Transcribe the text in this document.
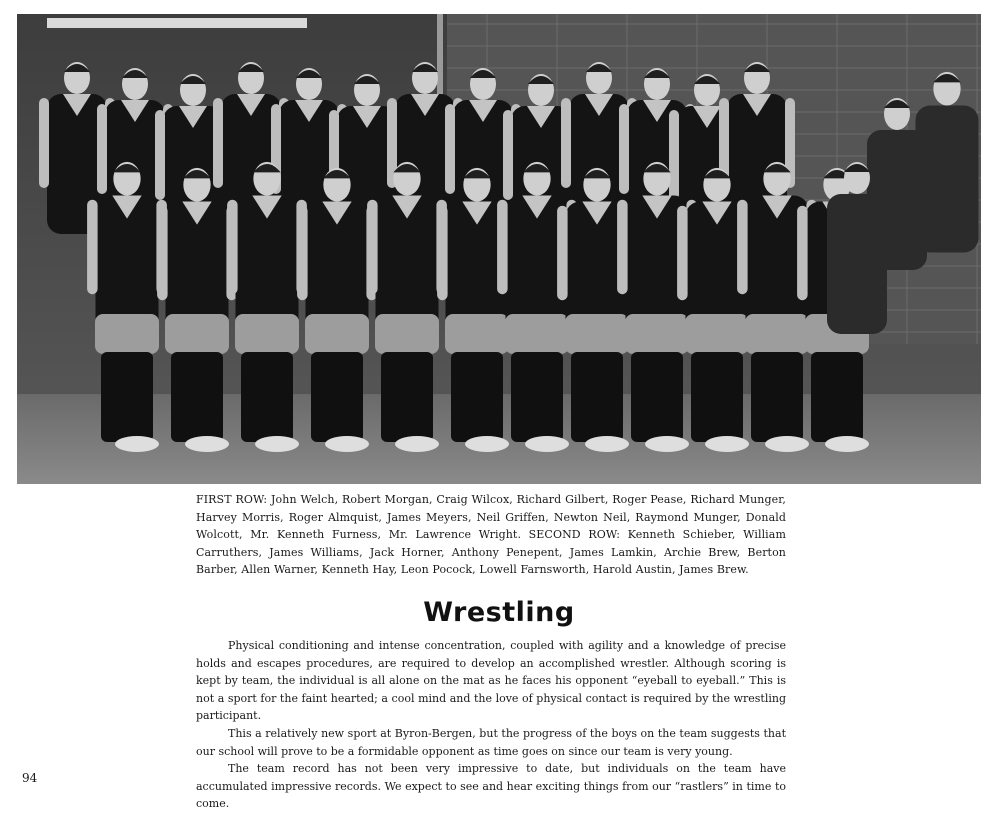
FIRST ROW: John Welch, Robert Morgan, Craig Wilcox, Richard Gilbert, Roger Pease, Richard Munger, Harvey Morris, Roger Almquist, James Meyers, Neil Griffen, Newton Neil, Raymond Munger, Donald Wolcott, Mr. Kenneth Furness, Mr. Lawrence Wright. SECOND ROW: Kenneth Schieber, William Carruthers, James Williams, Jack Horner, Anthony Penepent, James Lamkin, Archie Brew, Berton Barber, Allen Warner, Kenneth Hay, Leon Pocock, Lowell Farnsworth, Harold Austin, James Brew.
Wrestling

Physical conditioning and intense concentration, coupled with agility and a knowledge of precise holds and escapes procedures, are required to develop an accomplished wrestler. Although scoring is kept by team, the individual is all alone on the mat as he faces his opponent “eyeball to eyeball.” This is not a sport for the faint hearted; a cool mind and the love of physical contact is required by the wrestling participant.

This a relatively new sport at Byron-Bergen, but the progress of the boys on the team suggests that our school will prove to be a formidable opponent as time goes on since our team is very young.

The team record has not been very impressive to date, but individuals on the team have accumulated impressive records. We expect to see and hear exciting things from our “rastlers” in time to come.

94
